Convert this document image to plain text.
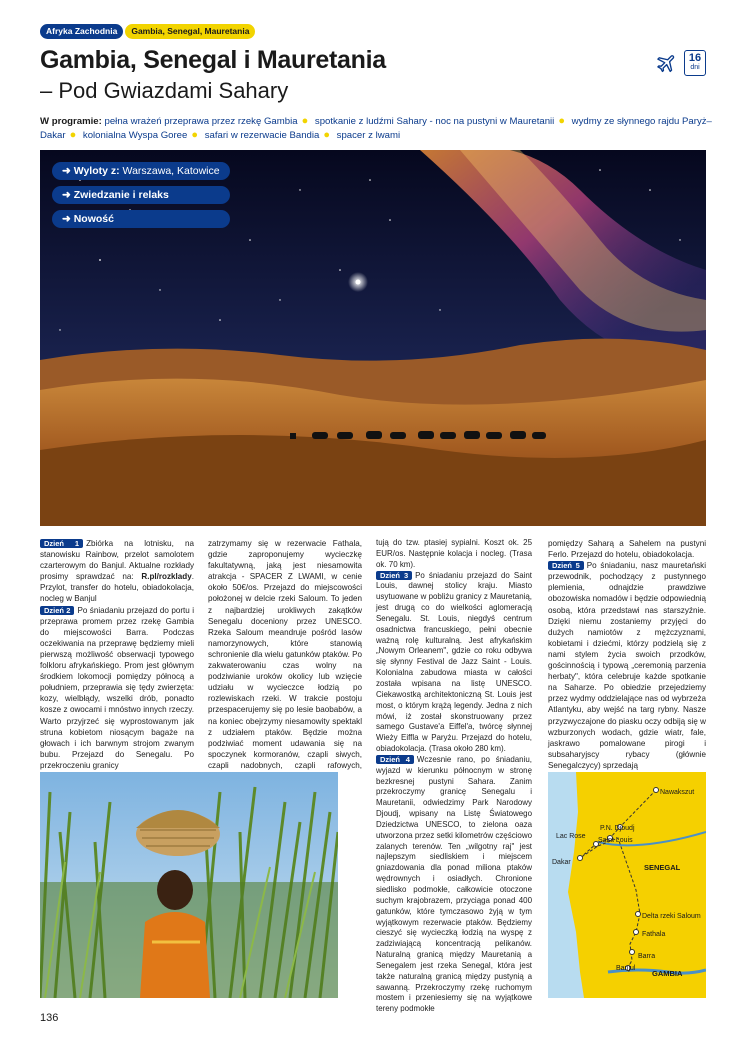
Afryka Zachodnia	Gambia, Senegal, Mauretania
Gambia, Senegal i Mauretania
– Pod Gwiazdami Sahary
16
dni
W programie: pełna wrażeń przeprawa przez rzekę Gambia ● spotkanie z ludźmi Sahary - noc na pustyni w Mauretanii ● wydmy ze słynnego rajdu Paryż–Dakar ● kolonialna Wyspa Goree ● safari w rezerwacie Bandia ● spacer z lwami
➜ Wyloty z: Warszawa, Katowice
➜ Zwiedzanie i relaks
➜ Nowość
Dzień 1 Zbiórka na lotnisku, na stanowisku Rainbow, przelot samolotem czarterowym do Banjul. Aktualne rozkłady prosimy sprawdzać na: R.pl/rozklady. Przylot, transfer do hotelu, obiadokolacja, nocleg w Banjul
Dzień 2 Po śniadaniu przejazd do portu i przeprawa promem przez rzekę Gambia do miejscowości Barra. Podczas oczekiwania na przeprawę będziemy mieli pierwszą możliwość obserwacji typowego folkloru afrykańskiego. Prom jest głównym środkiem lokomocji pomiędzy północą a południem, przeprawia się tędy zwierzęta: kozy, wielbłądy, wszelki drób, ponadto kosze z owocami i mnóstwo innych rzeczy. Warto przyjrzeć się wyprostowanym jak struna kobietom niosącym bagaże na głowach i ich barwnym strojom zwanym bubu. Przejazd do Senegalu. Po przekroczeniu granicy
zatrzymamy się w rezerwacie Fathala, gdzie zaproponujemy wycieczkę fakultatywną, jaką jest niesamowita atrakcja - SPACER Z LWAMI, w cenie około 50€/os. Przejazd do miejscowości położonej w delcie rzeki Saloum. To jeden z najbardziej urokliwych zakątków Senegalu doceniony przez UNESCO. Rzeka Saloum meandruje pośród lasów namorzynowych, które stanowią schronienie dla wielu gatunków ptaków. Po zakwaterowaniu czas wolny na podziwianie uroków okolicy lub wzięcie udziału w wycieczce łodzią po rozlewiskach rzeki. W trakcie postoju przespacerujemy się po lesie baobabów, a na koniec obejrzymy niesamowity spektakl z udziałem ptaków. Będzie można podziwiać moment udawania się na spoczynek kormoranów, czapli siwych, czapli nadobnych, czapli rafowych,
tują do tzw. ptasiej sypialni. Koszt ok. 25 EUR/os. Następnie kolacja i nocleg. (Trasa ok. 70 km).
Dzień 3 Po śniadaniu przejazd do Saint Louis, dawnej stolicy kraju. Miasto usytuowane w pobliżu granicy z Mauretanią, jest drugą co do wielkości aglomeracją Senegalu. St. Louis, niegdyś centrum osadnictwa francuskiego, pełni obecnie ważną rolę kulturalną. Jest afrykańskim „Nowym Orleanem", gdzie co roku odbywa się słynny Festival de Jazz Saint - Louis. Kolonialna zabudowa miasta w całości została wpisana na listę UNESCO. Ciekawostką architektoniczną St. Louis jest most, o którym krążą legendy. Jedna z nich mówi, iż został skonstruowany przez samego Gustave'a Eiffel'a, twórcę słynnej Wieży Eiffla w Paryżu. Przejazd do hotelu, obiadokolacja. (Trasa około 280 km).
Dzień 4 Wczesnie rano, po śniadaniu, wyjazd w kierunku północnym w stronę bezkresnej pustyni Sahara. Zanim przekroczymy granicę Senegalu i Mauretanii, odwiedzimy Park Narodowy Djoudj, wpisany na Listę Światowego Dziedzictwa UNESCO, to zielona oaza utworzona przez setki kilometrów częściowo zalanych terenów. Ten „wilgotny raj" jest najlepszym siedliskiem i miejscem gniazdowania dla ponad miliona ptaków wędrownych i osiadłych. Chronione siedlisko podmokłe, całkowicie otoczone suchym krajobrazem, przyciąga ponad 400 gatunków, które tymczasowo żyją w tym wyjątkowym rezerwacie ptaków. Będziemy cieszyć się wycieczką łodzią na wyspę z zadziwiającą koncentracją pelikanów. Naturalną granicą między Mauretanią a Senegalem jest rzeka Senegal, która jest także naturalną granicą między pustynią a sawanną. Przekroczymy rzekę ruchomym mostem i przeniesiemy się na wyjątkowe tereny podmokłe
pomiędzy Saharą a Sahelem na pustyni Ferlo. Przejazd do hotelu, obiadokolacja.
Dzień 5 Po śniadaniu, nasz mauretański przewodnik, pochodzący z pustynnego plemienia, odnajdzie prawdziwe obozowiska nomadów i będzie odpowiednią osobą, która przedstawi nas starszyźnie. Dzięki niemu zostaniemy przyjęci do dużych namiotów z mężczyznami, kobietami i dziećmi, którzy podzielą się z nami stylem życia swoich przodków, gościnnością i typową „ceremonią parzenia herbaty", która celebruje każde spotkanie na Saharze. Po obiedzie przejedziemy przez wydmy oddzielające nas od wybrzeża Atlantyku, aby wejść na targ rybny. Nasze przyzwyczajone do piasku oczy odbiją się w wzburzonych wodach, gdzie wiatr, fale, jaskrawo pomalowane pirogi i subsaharyjscy rybacy (głównie Senegalczycy) sprzedają
Nawakszut
P.N. Djoudj
Lac Rose
Saint Louis
Dakar
SENEGAL
Delta rzeki Saloum
Fathala
Barra
Banjul
GAMBIA
136
